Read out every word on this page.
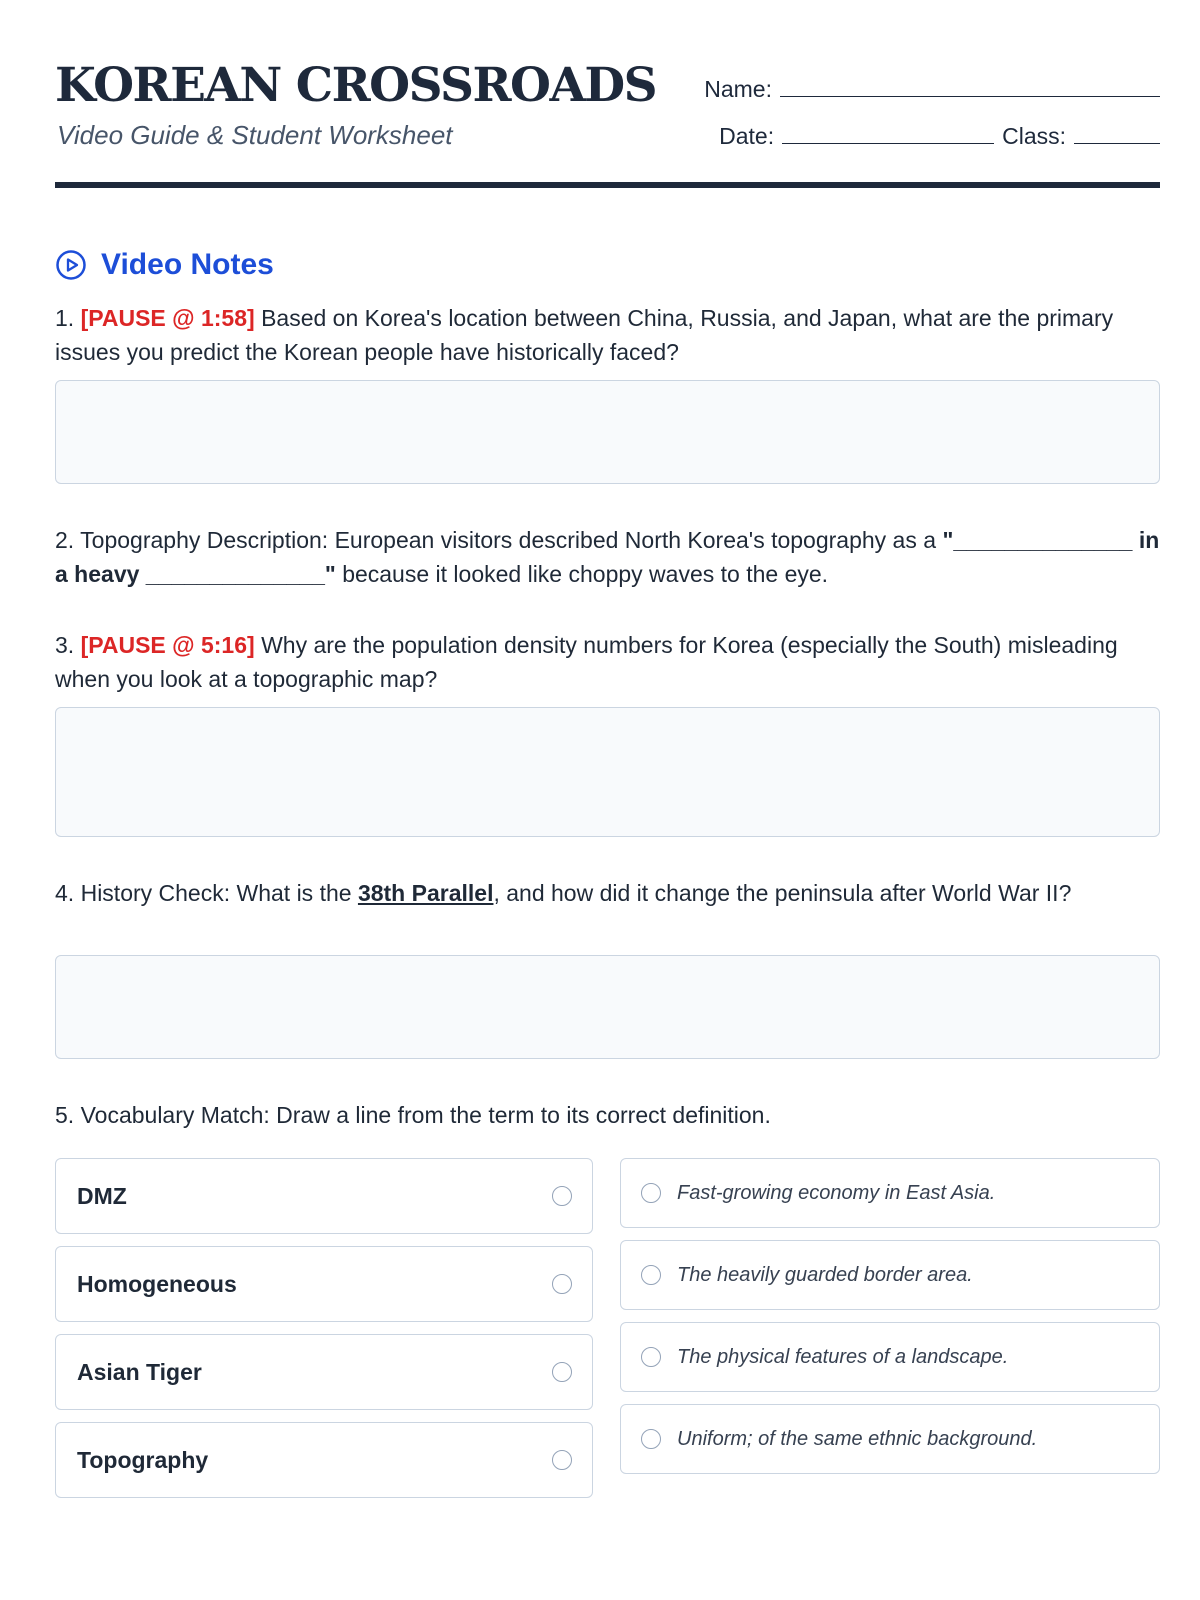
KOREAN CROSSROADS
Video Guide & Student Worksheet
Name:
Date:	Class:
Video Notes
1. [PAUSE @ 1:58] Based on Korea's location between China, Russia, and Japan, what are the primary issues you predict the Korean people have historically faced?
2. Topography Description: European visitors described North Korea's topography as a "______________ in a heavy ______________" because it looked like choppy waves to the eye.
3. [PAUSE @ 5:16] Why are the population density numbers for Korea (especially the South) misleading when you look at a topographic map?
4. History Check: What is the 38th Parallel, and how did it change the peninsula after World War II?
5. Vocabulary Match: Draw a line from the term to its correct definition.
DMZ
Homogeneous
Asian Tiger
Topography
Fast-growing economy in East Asia.
The heavily guarded border area.
The physical features of a landscape.
Uniform; of the same ethnic background.
